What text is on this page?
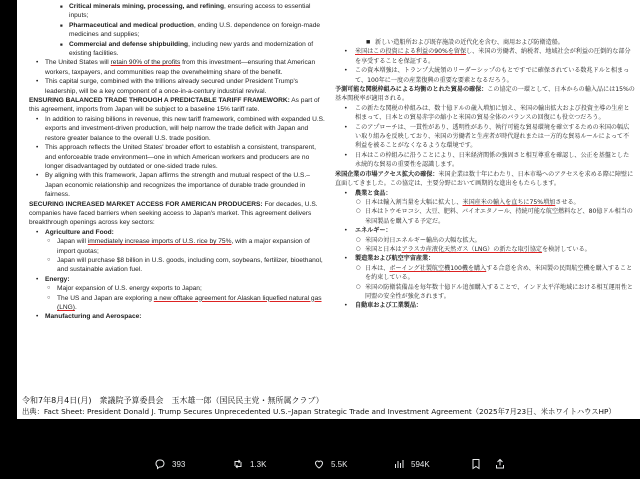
■ Critical minerals mining, processing, and refining, ensuring access to essential inputs;
■ Pharmaceutical and medical production, ending U.S. dependence on foreign-made medicines and supplies;
■ Commercial and defense shipbuilding, including new yards and modernization of existing facilities.
• The United States will retain 90% of the profits from this investment—ensuring that American workers, taxpayers, and communities reap the overwhelming share of the benefit.
• This capital surge, combined with the trillions already secured under President Trump's leadership, will be a key component of a once-in-a-century industrial revival.
ENSURING BALANCED TRADE THROUGH A PREDICTABLE TARIFF FRAMEWORK: As part of this agreement, imports from Japan will be subject to a baseline 15% tariff rate.
• In addition to raising billions in revenue, this new tariff framework, combined with expanded U.S. exports and investment-driven production, will help narrow the trade deficit with Japan and restore greater balance to the overall U.S. trade position.
• This approach reflects the United States' broader effort to establish a consistent, transparent, and enforceable trade environment—one in which American workers and producers are no longer disadvantaged by outdated or one-sided trade rules.
• By aligning with this framework, Japan affirms the strength and mutual respect of the U.S.–Japan economic relationship and recognizes the importance of durable trade grounded in fairness.
SECURING INCREASED MARKET ACCESS FOR AMERICAN PRODUCERS: For decades, U.S. companies have faced barriers when seeking access to Japan's market. This agreement delivers breakthrough openings across key sectors:
• Agriculture and Food:
○ Japan will immediately increase imports of U.S. rice by 75%, with a major expansion of import quotas;
○ Japan will purchase $8 billion in U.S. goods, including corn, soybeans, fertilizer, bioethanol, and sustainable aviation fuel.
• Energy:
○ Major expansion of U.S. energy exports to Japan;
○ The US and Japan are exploring a new offtake agreement for Alaskan liquefied natural gas (LNG).
• Manufacturing and Aerospace:
■ 新しい造船所および既存施設の近代化を含む、商用および防衛造船。
• 米国はこの投資による利益の90%を留保し、米国の労働者、納税者、地域社会が利益の圧倒的な部分を享受することを保証する。
• この資本増強は、トランプ大統領のリーダーシップのもとですでに確保されている数兆ドルと相まって、100年に一度の産業復興の重要な要素となるだろう。
予測可能な関税枠組みによる均衡のとれた貿易の確保：この協定の一環として、日本からの輸入品には15%の基本関税率が適用される。
• この新たな関税の枠組みは、数十億ドルの歳入増加に加え、米国の輸出拡大および投資主導の生産と相まって、日本との貿易赤字の縮小と米国の貿易全体のバランスの回復にも役立つだろう。
• このアプローチは、一貫性があり、透明性があり、執行可能な貿易環境を確立するための米国の幅広い取り組みを反映しており、米国の労働者と生産者が時代遅れまたは一方的な貿易ルールによって不利益を被ることがなくなるような環境です。
• 日本はこの枠組みに沿うことにより、日米経済関係の強固さと相互尊重を確認し、公正を基盤とした永続的な貿易の重要性を認識します。
米国企業の市場アクセス拡大の確保：米国企業は数十年にわたり、日本市場へのアクセスを求める際に障壁に直面してきました。この協定は、主要分野において画期的な進出をもたらします。
• 農業と食品：
○ 日本は輸入割当量を大幅に拡大し、米国産米の輸入を直ちに75%増加させる。
○ 日本はトウモロコシ、大豆、肥料、バイオエタノール、持続可能な航空燃料など、80億ドル相当の米国製品を購入する予定だ。
• エネルギー：
○ 米国の対日エネルギー輸出の大幅な拡大。
○ 米国と日本はアラスカ産液化天然ガス（LNG）の新たな取引協定を検討している。
• 製造業および航空宇宙産業：
○ 日本は、ボーイング社製航空機100機を購入する合意を含め、米国製の民間航空機を購入することを約束している。
○ 米国の防衛装備品を毎年数十億ドル追加購入することで、インド太平洋地域における相互運用性と同盟の安全性が強化されます。
• 自動車および工業製品：
令和7年8月4日(月)　衆議院予算委員会　玉木雄一郎（国民民主党・無所属クラブ）
出典：Fact Sheet: President Donald J. Trump Secures Unprecedented U.S.–Japan Strategic Trade and Investment Agreement（2025年7月23日、米ホワイトハウスHP）
393	1.3K	5.5K	594K
